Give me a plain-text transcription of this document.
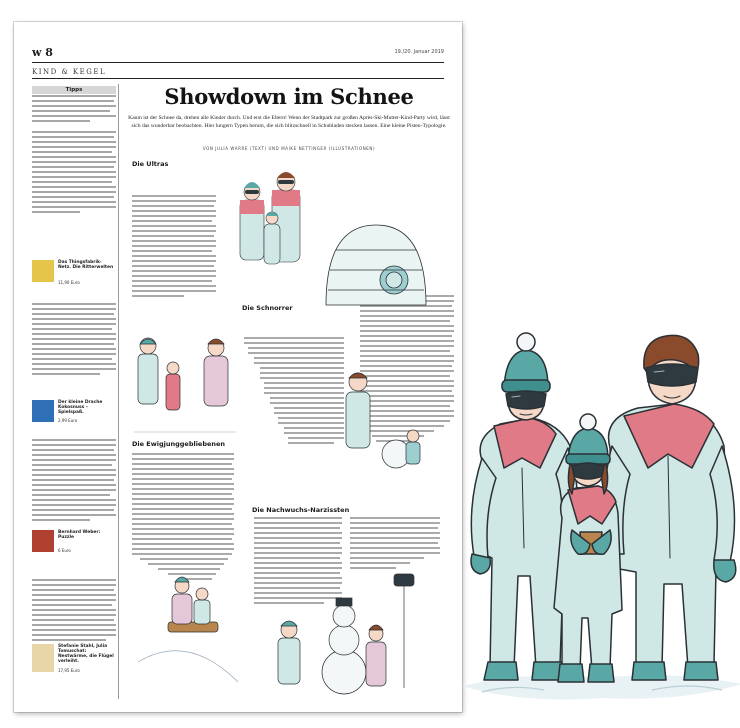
w 8	19./20. Januar 2019
KIND & KEGEL
Tipps
Das Thingsfabrik-Netz. Die Ritterwelten
11,90 Euro
Der kleine Drache Kokosnuss – Spielspaß.
2,99 Euro
Bernhard Weber: Puzzle
6 Euro
Stefanie Stahl, Julia Tomuschat: Nestwärme, die Flügel verleiht.
17,95 Euro
Showdown im Schnee
Kaum ist der Schnee da, drehen alle Kinder durch. Und erst die Eltern! Wenn der Stadtpark zur großen Après-Ski-Mutter-Kind-Party wird, lässt sich das wunderbar beobachten. Hier lungern Typen herum, die sich blitzschnell in Schubladen stecken lassen. Eine kleine Pisten-Typologie.
VON JULIA WARRE (TEXT) UND MAIKE NETTINGER (ILLUSTRATIONEN)
Die Ultras
Die Schnorrer
Die Ewigjunggebliebenen
Die Nachwuchs-Narzissten
